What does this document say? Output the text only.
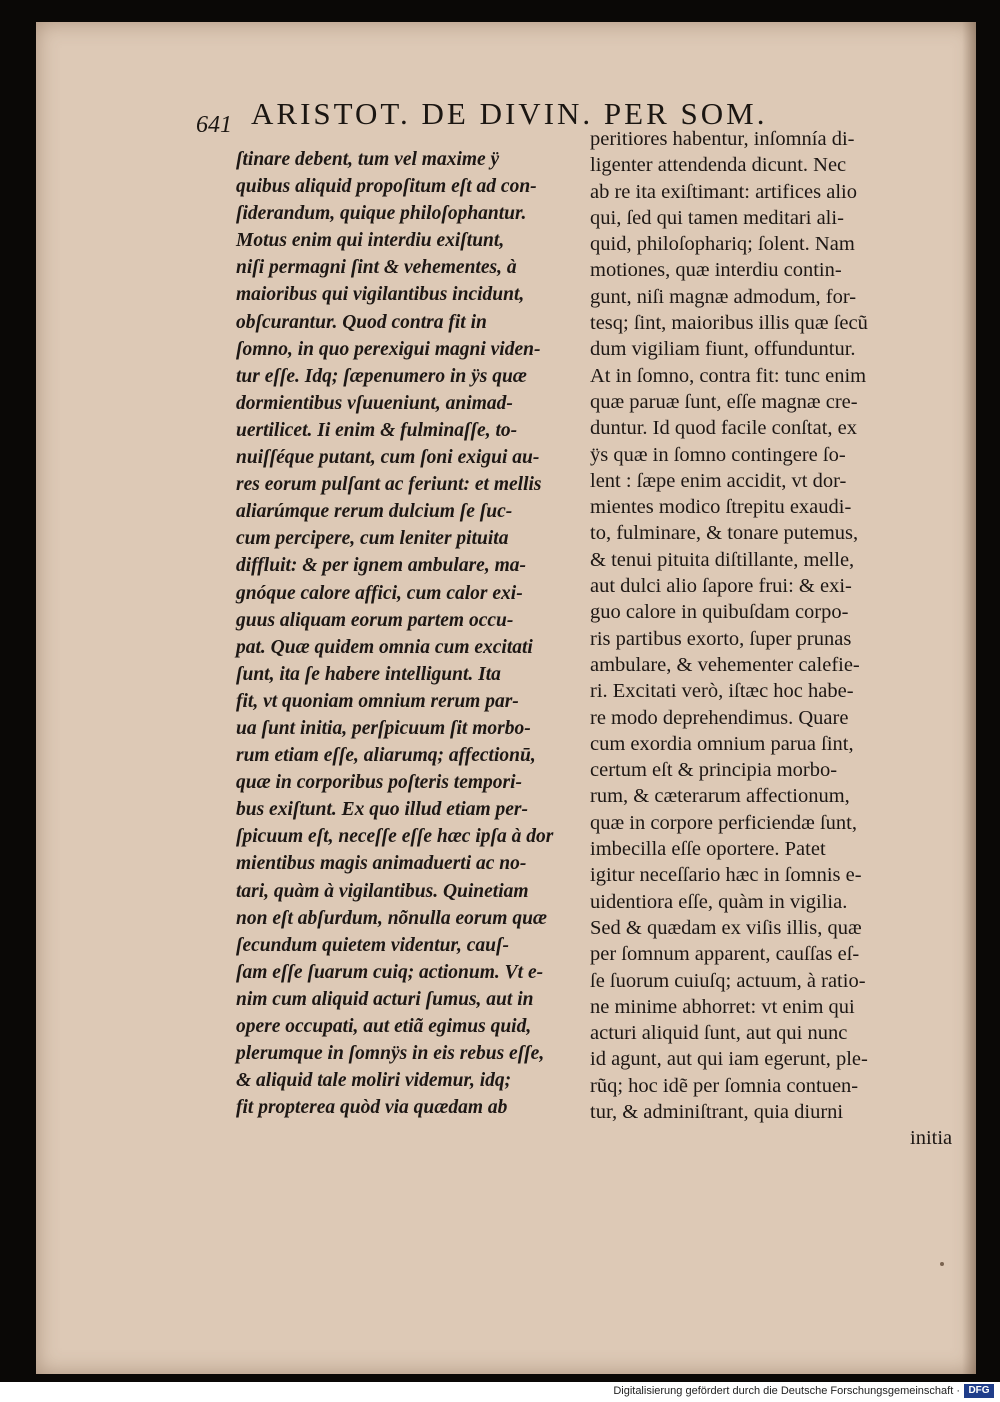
641 ARISTOT. DE DIVIN. PER SOM.
ſtinare debent, tum vel maxime ÿ
quibus aliquid propoſitum eſt ad con-
ſiderandum, quique philoſophantur.
Motus enim qui interdiu exiſtunt,
niſi permagni ſint & vehementes, à
maioribus qui vigilantibus incidunt,
obſcurantur. Quod contra fit in
ſomno, in quo perexigui magni viden-
tur eſſe. Idq; ſæpenumero in ÿs quæ
dormientibus vſuueniunt, animad-
uertilicet. Ii enim & fulminaſſe, to-
nuiſſéque putant, cum ſoni exigui au-
res eorum pulſant ac feriunt: et mellis
aliarúmque rerum dulcium ſe ſuc-
cum percipere, cum leniter pituita
diffluit: & per ignem ambulare, ma-
gnóque calore affici, cum calor exi-
guus aliquam eorum partem occu-
pat. Quæ quidem omnia cum excitati
ſunt, ita ſe habere intelligunt. Ita
fit, vt quoniam omnium rerum par-
ua ſunt initia, perſpicuum ſit morbo-
rum etiam eſſe, aliarumq; affectionū,
quæ in corporibus poſteris tempori-
bus exiſtunt. Ex quo illud etiam per-
ſpicuum eſt, neceſſe eſſe hæc ipſa à dor
mientibus magis animaduerti ac no-
tari, quàm à vigilantibus. Quinetiam
non eſt abſurdum, nõnulla eorum quæ
ſecundum quietem videntur, cauſ-
ſam eſſe ſuarum cuiq; actionum. Vt e-
nim cum aliquid acturi ſumus, aut in
opere occupati, aut etiã egimus quid,
plerumque in ſomnÿs in eis rebus eſſe,
& aliquid tale moliri videmur, idq;
fit propterea quòd via quædam ab
peritiores habentur, inſomnía di-
ligenter attendenda dicunt. Nec
ab re ita exiſtimant: artifices alio
qui, ſed qui tamen meditari ali-
quid, philoſophariq; ſolent. Nam
motiones, quæ interdiu contin-
gunt, niſi magnæ admodum, for-
tesq; ſint, maioribus illis quæ ſecũ
dum vigiliam fiunt, offunduntur.
At in ſomno, contra fit: tunc enim
quæ paruæ ſunt, eſſe magnæ cre-
duntur. Id quod facile conſtat, ex
ÿs quæ in ſomno contingere ſo-
lent : ſæpe enim accidit, vt dor-
mientes modico ſtrepitu exaudi-
to, fulminare, & tonare putemus,
& tenui pituita diſtillante, melle,
aut dulci alio ſapore frui: & exi-
guo calore in quibuſdam corpo-
ris partibus exorto, ſuper prunas
ambulare, & vehementer calefie-
ri. Excitati verò, iſtæc hoc habe-
re modo deprehendimus. Quare
cum exordia omnium parua ſint,
certum eſt & principia morbo-
rum, & cæterarum affectionum,
quæ in corpore perficiendæ ſunt,
imbecilla eſſe oportere. Patet
igitur neceſſario hæc in ſomnis e-
uidentiora eſſe, quàm in vigilia.
Sed & quædam ex viſis illis, quæ
per ſomnum apparent, cauſſas eſ-
ſe ſuorum cuiuſq; actuum, à ratio-
ne minime abhorret: vt enim qui
acturi aliquid ſunt, aut qui nunc
id agunt, aut qui iam egerunt, ple-
rũq; hoc idẽ per ſomnia contuen-
tur, & adminiſtrant, quia diurni
initia
Digitalisierung gefördert durch die Deutsche Forschungsgemeinschaft · DFG
